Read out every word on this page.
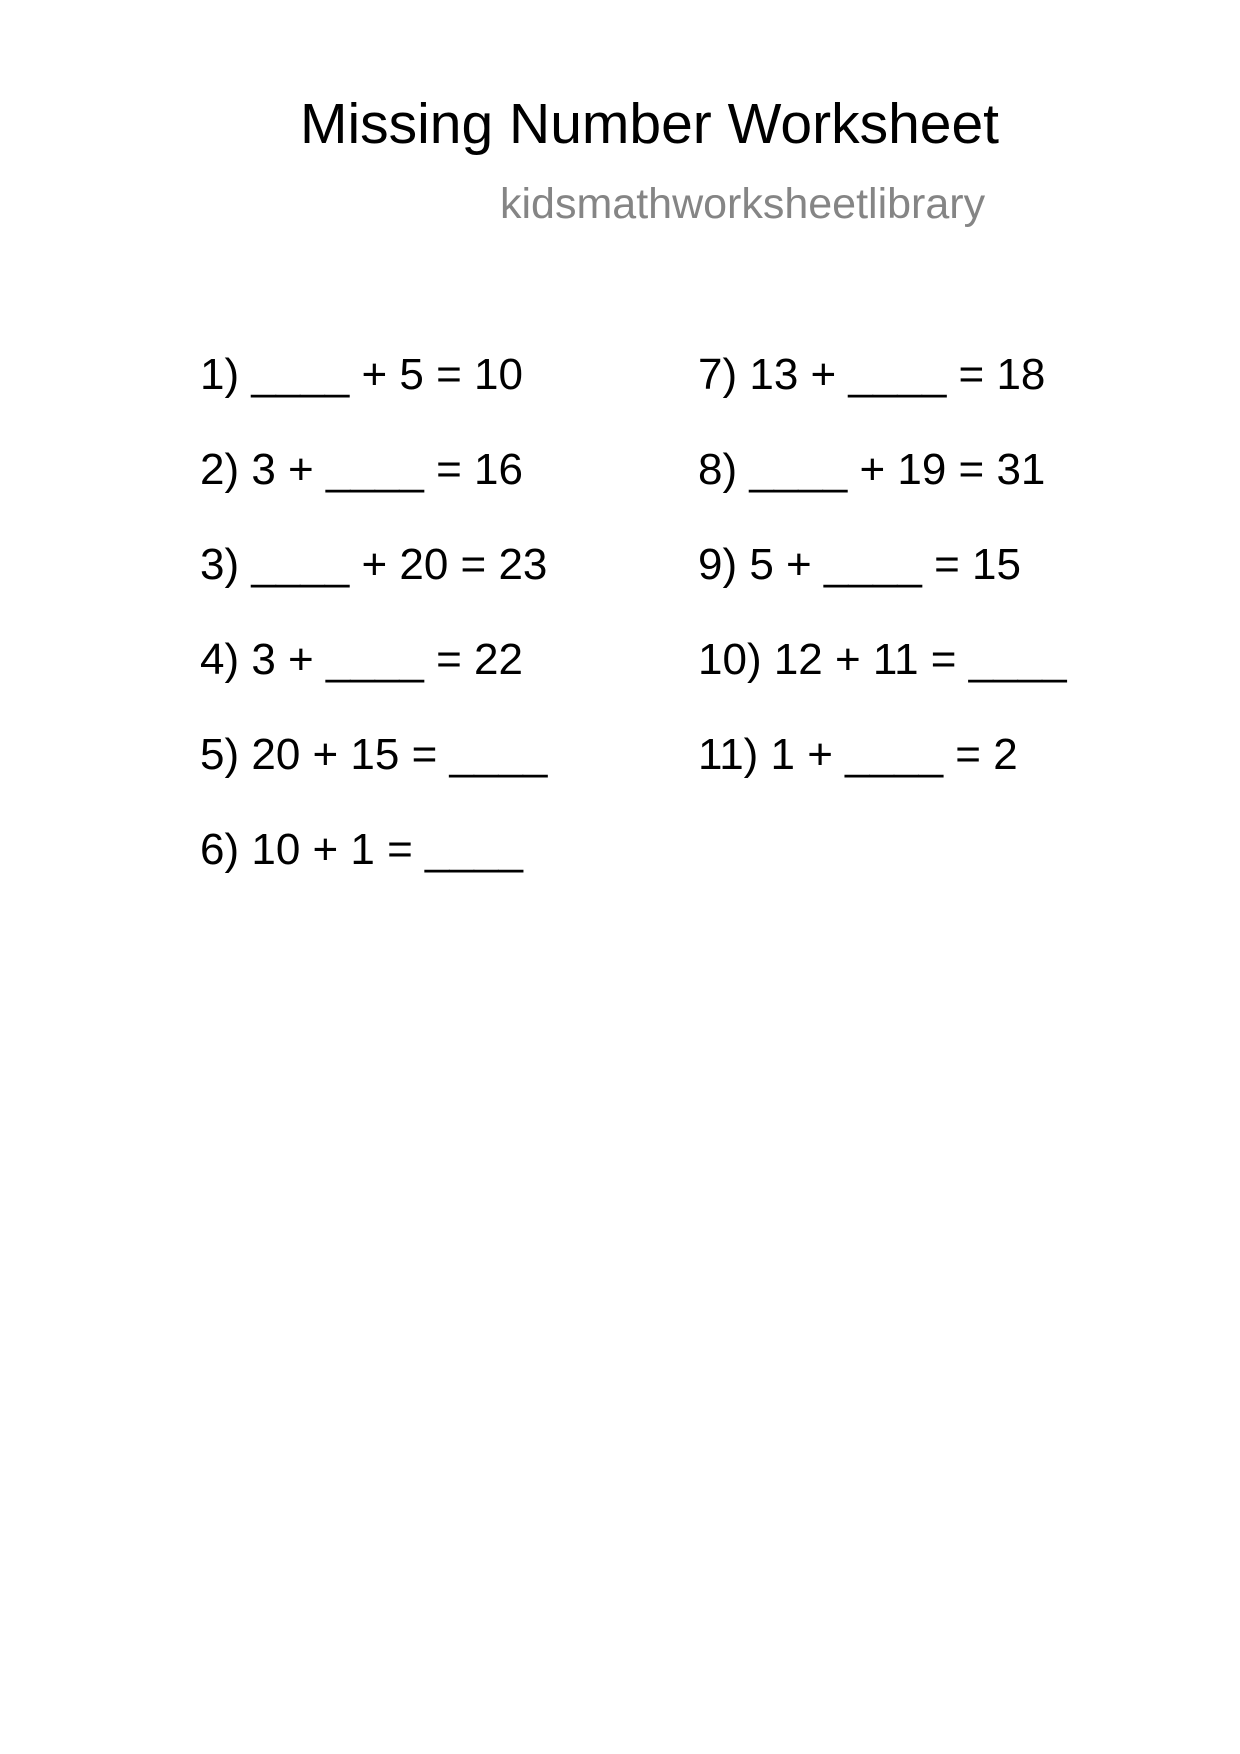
Missing Number Worksheet
kidsmathworksheetlibrary
1) ____ + 5 = 10
2) 3 + ____ = 16
3) ____ + 20 = 23
4) 3 + ____ = 22
5) 20 + 15 = ____
6) 10 + 1 = ____
7) 13 + ____ = 18
8) ____ + 19 = 31
9) 5 + ____ = 15
10) 12 + 11 = ____
11) 1 + ____ = 2
